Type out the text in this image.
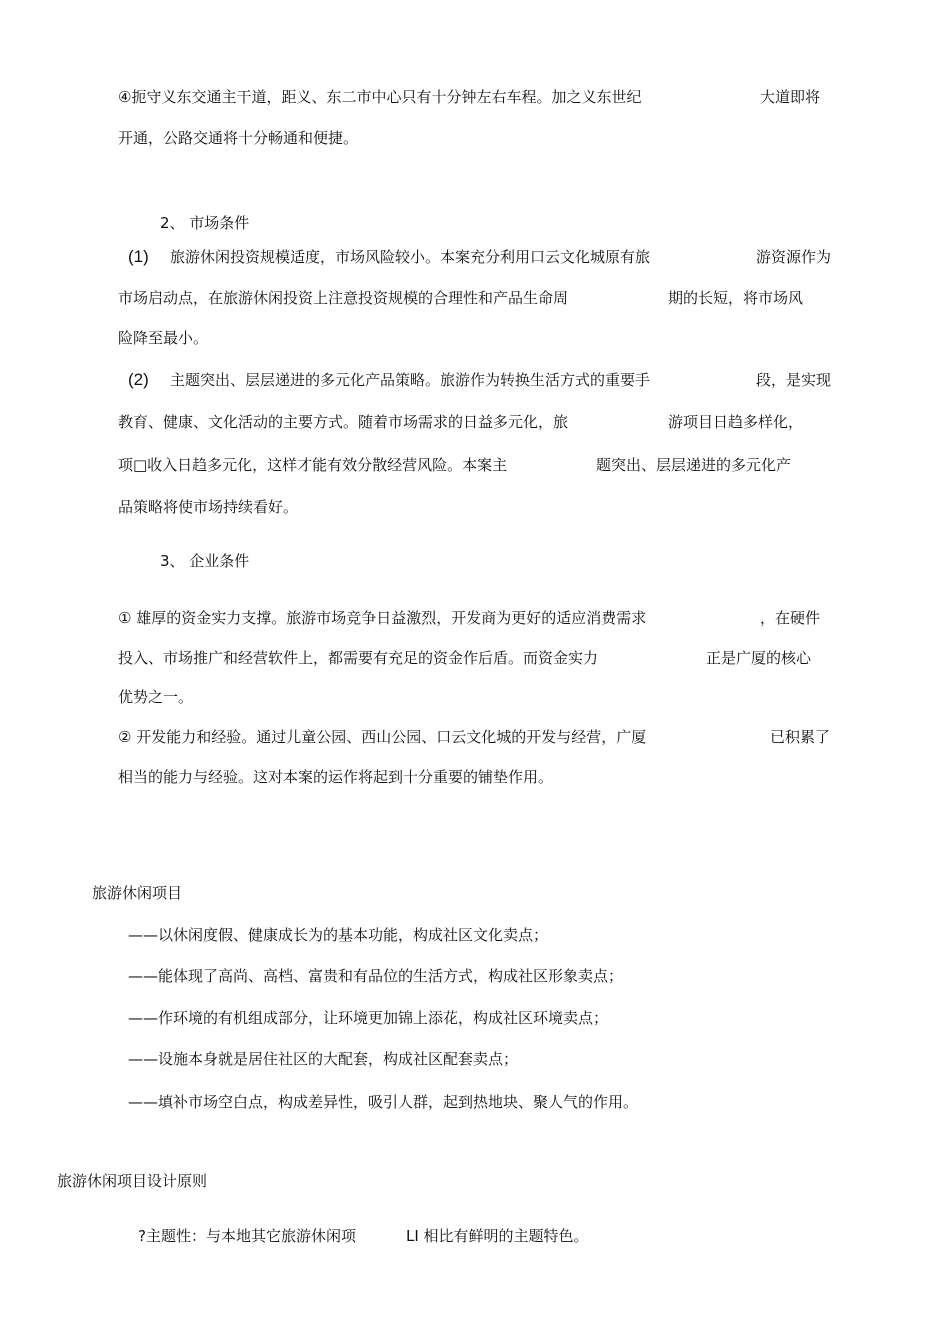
④扼守义东交通主干道，距义、东二市中心只有十分钟左右车程。加之义东世纪	大道即将
开通，公路交通将十分畅通和便捷。
2、 市场条件
(1) 旅游休闲投资规模适度，市场风险较小。本案充分利用口云文化城原有旅	游资源作为
市场启动点，在旅游休闲投资上注意投资规模的合理性和产品生命周	期的长短，将市场风
险降至最小。
(2) 主题突出、层层递进的多元化产品策略。旅游作为转换生活方式的重要手	段，是实现
教育、健康、文化活动的主要方式。随着市场需求的日益多元化，旅	游项目日趋多样化，
项□收入日趋多元化，这样才能有效分散经营风险。本案主	题突出、层层递进的多元化产
品策略将使市场持续看好。
3、 企业条件
① 雄厚的资金实力支撑。旅游市场竞争日益激烈，开发商为更好的适应消费需求	，在硬件
投入、市场推广和经营软件上，都需要有充足的资金作后盾。而资金实力	正是广厦的核心
优势之一。
② 开发能力和经验。通过儿童公园、西山公园、口云文化城的开发与经营，广厦	已积累了
相当的能力与经验。这对本案的运作将起到十分重要的铺垫作用。
旅游休闲项目
——以休闲度假、健康成长为的基本功能，构成社区文化卖点；
——能体现了高尚、高档、富贵和有品位的生活方式，构成社区形象卖点；
——作环境的有机组成部分，让环境更加锦上添花，构成社区环境卖点；
——设施本身就是居住社区的大配套，构成社区配套卖点；
——填补市场空白点，构成差异性，吸引人群，起到热地块、聚人气的作用。
旅游休闲项目设计原则
?主题性：与本地其它旅游休闲项	LI 相比有鲜明的主题特色。
